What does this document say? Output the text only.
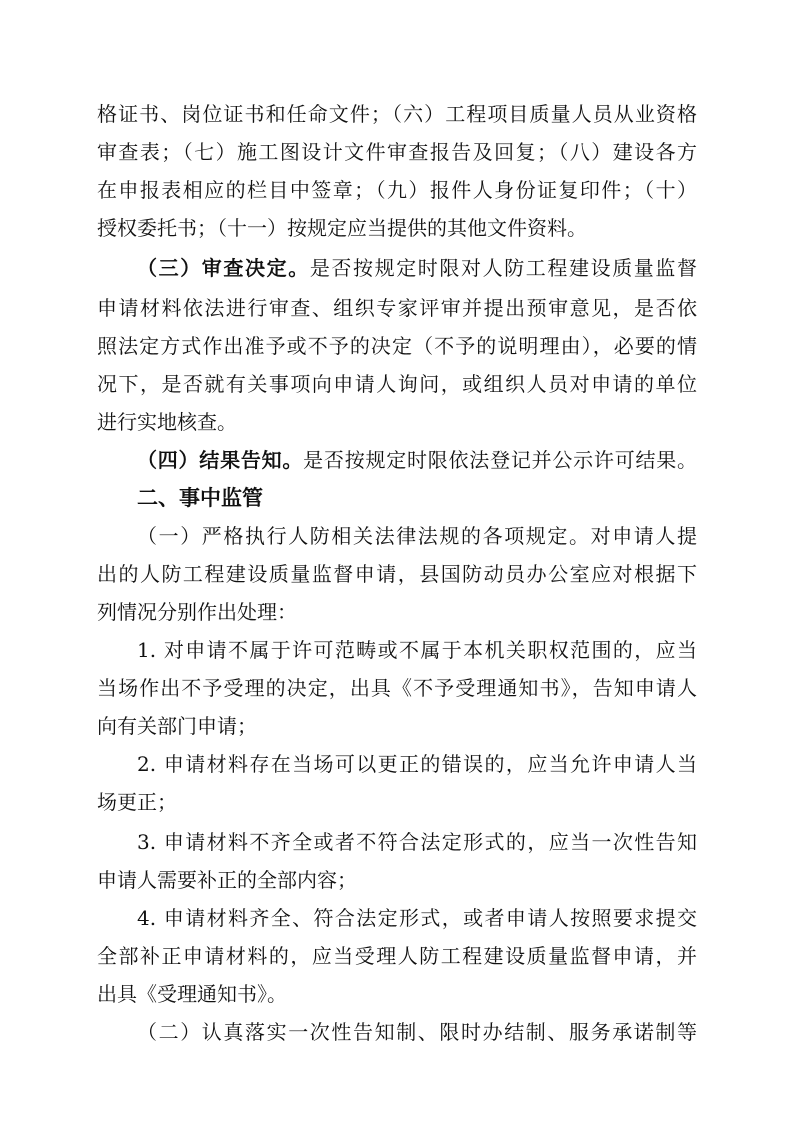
格证书、岗位证书和任命文件；（六）工程项目质量人员从业资格
审查表；（七）施工图设计文件审查报告及回复；（八）建设各方
在申报表相应的栏目中签章；（九）报件人身份证复印件；（十）
授权委托书；（十一）按规定应当提供的其他文件资料。
（三）审查决定。是否按规定时限对人防工程建设质量监督
申请材料依法进行审查、组织专家评审并提出预审意见，是否依
照法定方式作出准予或不予的决定（不予的说明理由），必要的情
况下，是否就有关事项向申请人询问，或组织人员对申请的单位
进行实地核查。
（四）结果告知。是否按规定时限依法登记并公示许可结果。
二、事中监管
（一）严格执行人防相关法律法规的各项规定。对申请人提
出的人防工程建设质量监督申请，县国防动员办公室应对根据下
列情况分别作出处理：
1. 对申请不属于许可范畴或不属于本机关职权范围的，应当
当场作出不予受理的决定，出具《不予受理通知书》，告知申请人
向有关部门申请；
2. 申请材料存在当场可以更正的错误的，应当允许申请人当
场更正；
3. 申请材料不齐全或者不符合法定形式的，应当一次性告知
申请人需要补正的全部内容；
4. 申请材料齐全、符合法定形式，或者申请人按照要求提交
全部补正申请材料的，应当受理人防工程建设质量监督申请，并
出具《受理通知书》。
（二）认真落实一次性告知制、限时办结制、服务承诺制等
